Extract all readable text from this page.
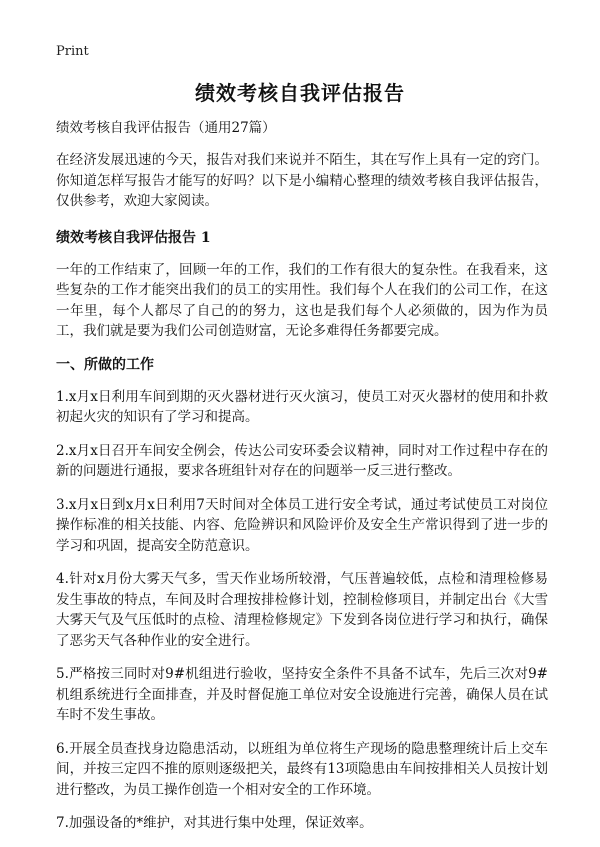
Print
绩效考核自我评估报告
绩效考核自我评估报告（通用27篇）

在经济发展迅速的今天，报告对我们来说并不陌生，其在写作上具有一定的窍门。你知道怎样写报告才能写的好吗？以下是小编精心整理的绩效考核自我评估报告，仅供参考，欢迎大家阅读。

绩效考核自我评估报告 1

一年的工作结束了，回顾一年的工作，我们的工作有很大的复杂性。在我看来，这些复杂的工作才能突出我们的员工的实用性。我们每个人在我们的公司工作，在这一年里，每个人都尽了自己的的努力，这也是我们每个人必须做的，因为作为员工，我们就是要为我们公司创造财富，无论多难得任务都要完成。

一、所做的工作

1.x月x日利用车间到期的灭火器材进行灭火演习，使员工对灭火器材的使用和扑救初起火灾的知识有了学习和提高。

2.x月x日召开车间安全例会，传达公司安环委会议精神，同时对工作过程中存在的新的问题进行通报，要求各班组针对存在的问题举一反三进行整改。

3.x月x日到x月x日利用7天时间对全体员工进行安全考试，通过考试使员工对岗位操作标准的相关技能、内容、危险辨识和风险评价及安全生产常识得到了进一步的学习和巩固，提高安全防范意识。

4.针对x月份大雾天气多，雪天作业场所较滑，气压普遍较低，点检和清理检修易发生事故的特点，车间及时合理按排检修计划，控制检修项目，并制定出台《大雪大雾天气及气压低时的点检、清理检修规定》下发到各岗位进行学习和执行，确保了恶劣天气各种作业的安全进行。

5.严格按三同时对9#机组进行验收，坚持安全条件不具备不试车，先后三次对9#机组系统进行全面排查，并及时督促施工单位对安全设施进行完善，确保人员在试车时不发生事故。

6.开展全员查找身边隐患活动，以班组为单位将生产现场的隐患整理统计后上交车间，并按三定四不推的原则逐级把关，最终有13项隐患由车间按排相关人员按计划进行整改，为员工操作创造一个相对安全的工作环境。

7.加强设备的*维护，对其进行集中处理，保证效率。
